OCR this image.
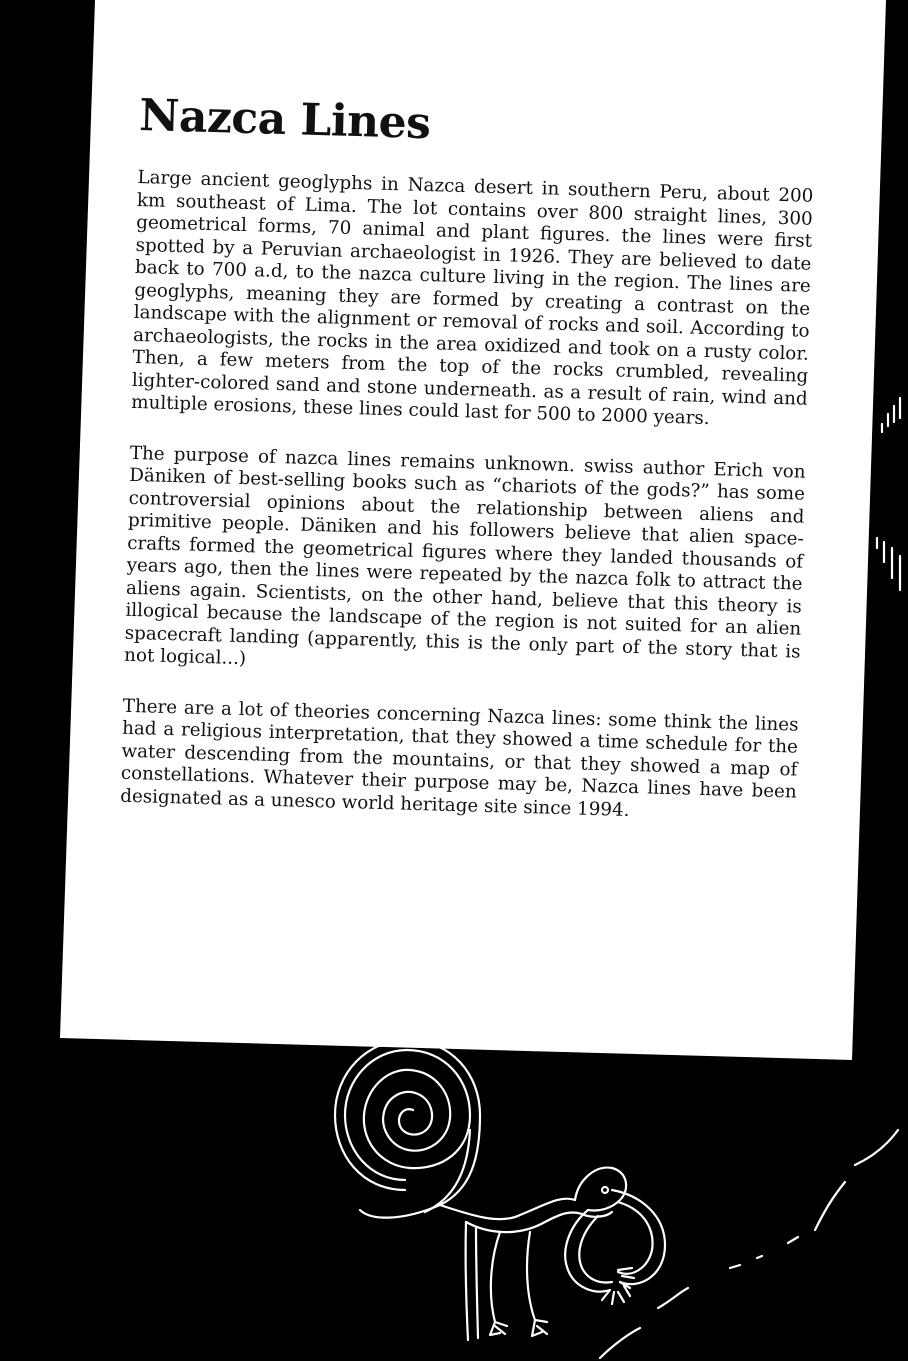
Nazca Lines

Large ancient geoglyphs in Nazca desert in southern Peru, about 200 km southeast of Lima. The lot contains over 800 straight lines, 300 geometrical forms, 70 animal and plant figures. the lines were first spotted by a Peruvian archaeologist in 1926. They are believed to date back to 700 a.d, to the nazca culture living in the region. The lines are geoglyphs, meaning they are formed by creating a contrast on the landscape with the alignment or removal of rocks and soil. According to archaeologists, the rocks in the area oxidized and took on a rusty color. Then, a few meters from the top of the rocks crumbled, revealing lighter-colored sand and stone underneath. as a result of rain, wind and multiple erosions, these lines could last for 500 to 2000 years.

The purpose of nazca lines remains unknown. swiss author Erich von Däniken of best-selling books such as “chariots of the gods?” has some controversial opinions about the relationship between aliens and primitive people. Däniken and his followers believe that alien space-crafts formed the geometrical figures where they landed thousands of years ago, then the lines were repeated by the nazca folk to attract the aliens again. Scientists, on the other hand, believe that this theory is illogical because the landscape of the region is not suited for an alien spacecraft landing (apparently, this is the only part of the story that is not logical...)

There are a lot of theories concerning Nazca lines: some think the lines had a religious interpretation, that they showed a time schedule for the water descending from the mountains, or that they showed a map of constellations. Whatever their purpose may be, Nazca lines have been designated as a unesco world heritage site since 1994.
